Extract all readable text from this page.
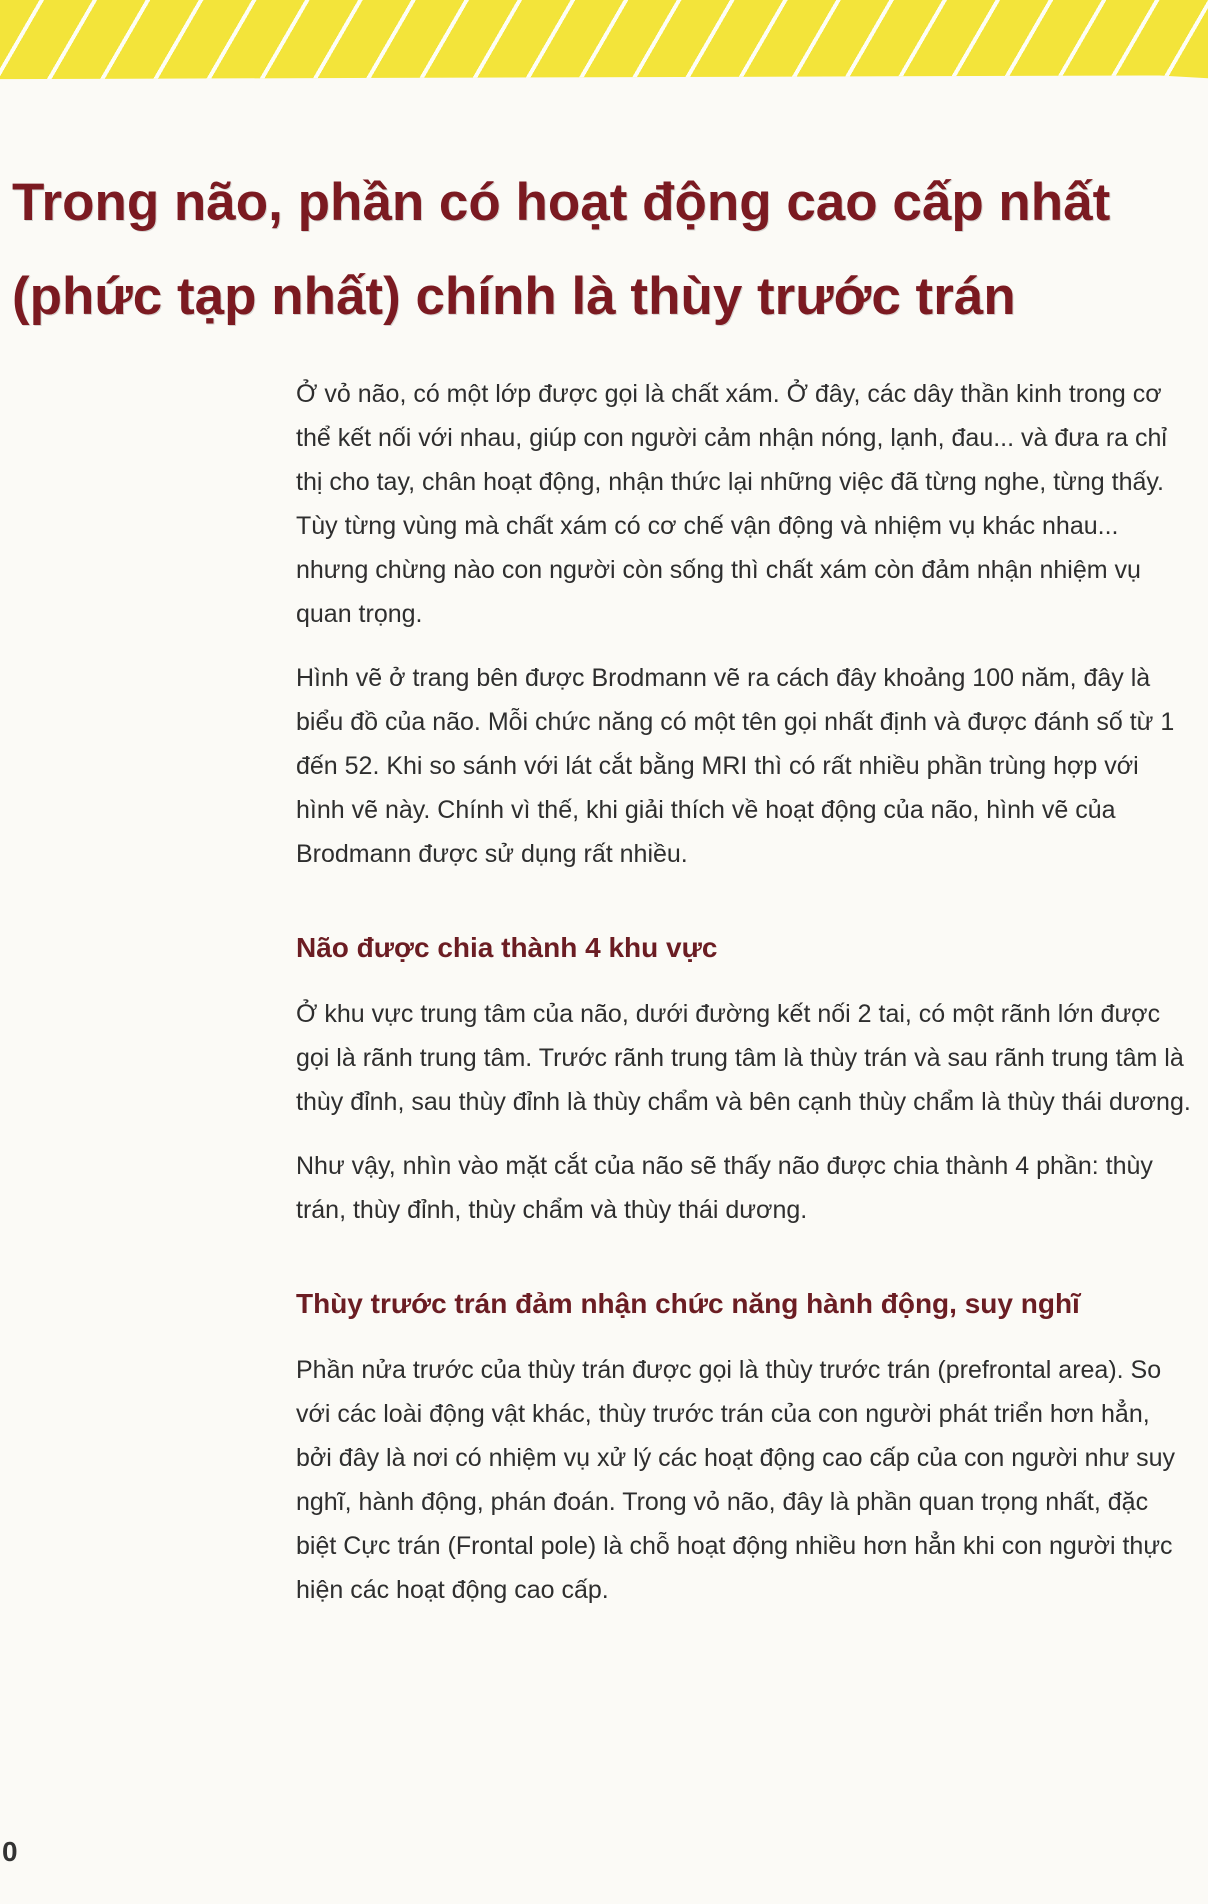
Trong não, phần có hoạt động cao cấp nhất (phức tạp nhất) chính là thùy trước trán

Ở vỏ não, có một lớp được gọi là chất xám. Ở đây, các dây thần kinh trong cơ thể kết nối với nhau, giúp con người cảm nhận nóng, lạnh, đau... và đưa ra chỉ thị cho tay, chân hoạt động, nhận thức lại những việc đã từng nghe, từng thấy. Tùy từng vùng mà chất xám có cơ chế vận động và nhiệm vụ khác nhau... nhưng chừng nào con người còn sống thì chất xám còn đảm nhận nhiệm vụ quan trọng.

Hình vẽ ở trang bên được Brodmann vẽ ra cách đây khoảng 100 năm, đây là biểu đồ của não. Mỗi chức năng có một tên gọi nhất định và được đánh số từ 1 đến 52. Khi so sánh với lát cắt bằng MRI thì có rất nhiều phần trùng hợp với hình vẽ này. Chính vì thế, khi giải thích về hoạt động của não, hình vẽ của Brodmann được sử dụng rất nhiều.

Não được chia thành 4 khu vực

Ở khu vực trung tâm của não, dưới đường kết nối 2 tai, có một rãnh lớn được gọi là rãnh trung tâm. Trước rãnh trung tâm là thùy trán và sau rãnh trung tâm là thùy đỉnh, sau thùy đỉnh là thùy chẩm và bên cạnh thùy chẩm là thùy thái dương.

Như vậy, nhìn vào mặt cắt của não sẽ thấy não được chia thành 4 phần: thùy trán, thùy đỉnh, thùy chẩm và thùy thái dương.

Thùy trước trán đảm nhận chức năng hành động, suy nghĩ

Phần nửa trước của thùy trán được gọi là thùy trước trán (prefrontal area). So với các loài động vật khác, thùy trước trán của con người phát triển hơn hẳn, bởi đây là nơi có nhiệm vụ xử lý các hoạt động cao cấp của con người như suy nghĩ, hành động, phán đoán. Trong vỏ não, đây là phần quan trọng nhất, đặc biệt Cực trán (Frontal pole) là chỗ hoạt động nhiều hơn hẳn khi con người thực hiện các hoạt động cao cấp.

0
